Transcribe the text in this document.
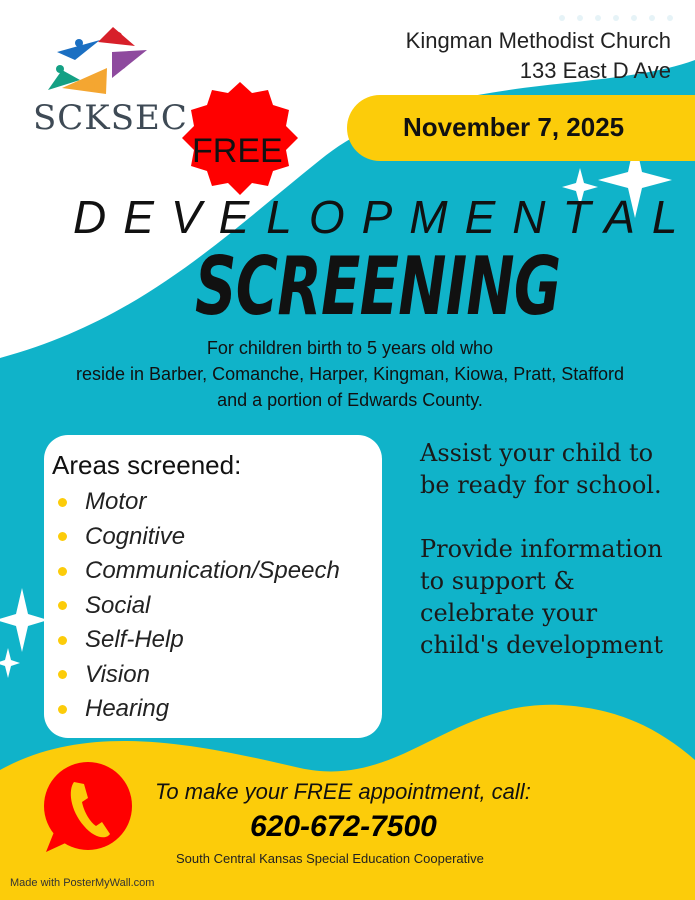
Kingman Methodist Church
133 East D Ave
November 7, 2025
SCKSEC
FREE
DEVELOPMENTAL
SCREENING
For children birth to 5 years old who
reside in Barber, Comanche, Harper, Kingman, Kiowa, Pratt, Stafford
and a portion of Edwards County.
Areas screened:
Motor
Cognitive
Communication/Speech
Social
Self-Help
Vision
Hearing

Assist your child to be ready for school.

Provide information to support & celebrate your child's development

To make your FREE appointment, call:
620-672-7500
South Central Kansas Special Education Cooperative
Made with PosterMyWall.com
